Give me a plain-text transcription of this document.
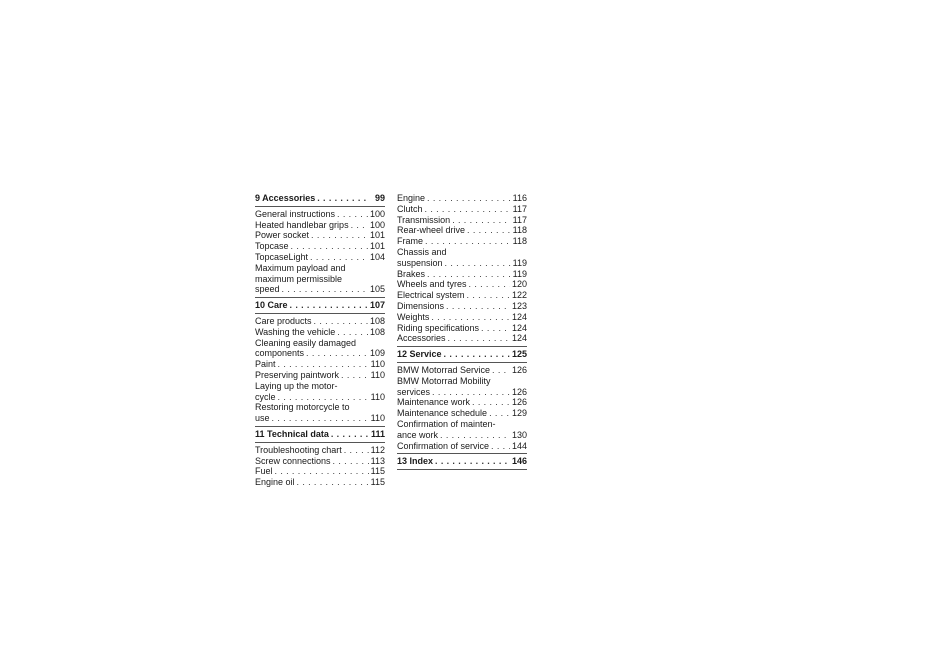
9 Accessories . . .	99
General instructions . . .	100
Heated handlebar grips . . . 100
Power socket . . .	101
Topcase . . .	101
TopcaseLight . . .	104
Maximum payload and
maximum permissible
speed . . .	105
10 Care . . .	107
Care products . . .	108
Washing the vehicle . . .	108
Cleaning easily damaged
components . . .	109
Paint . . .	110
Preserving paintwork . . .	110
Laying up the motor-
cycle . . .	110
Restoring motorcycle to
use . . .	110
11 Technical data . . .	111
Troubleshooting chart . . .	112
Screw connections . . .	113
Fuel . . .	115
Engine oil . . .	115
Engine . . .	116
Clutch . . .	117
Transmission . . .	117
Rear-wheel drive . . .	118
Frame . . .	118
Chassis and
suspension . . .	119
Brakes . . .	119
Wheels and tyres . . .	120
Electrical system . . .	122
Dimensions . . .	123
Weights . . .	124
Riding specifications . . .	124
Accessories . . .	124
12 Service . . .	125
BMW Motorrad Service . . . 126
BMW Motorrad Mobility
services . . .	126
Maintenance work . . .	126
Maintenance schedule . . .	129
Confirmation of mainten-
ance work . . .	130
Confirmation of service . . .	144
13 Index . . .	146
